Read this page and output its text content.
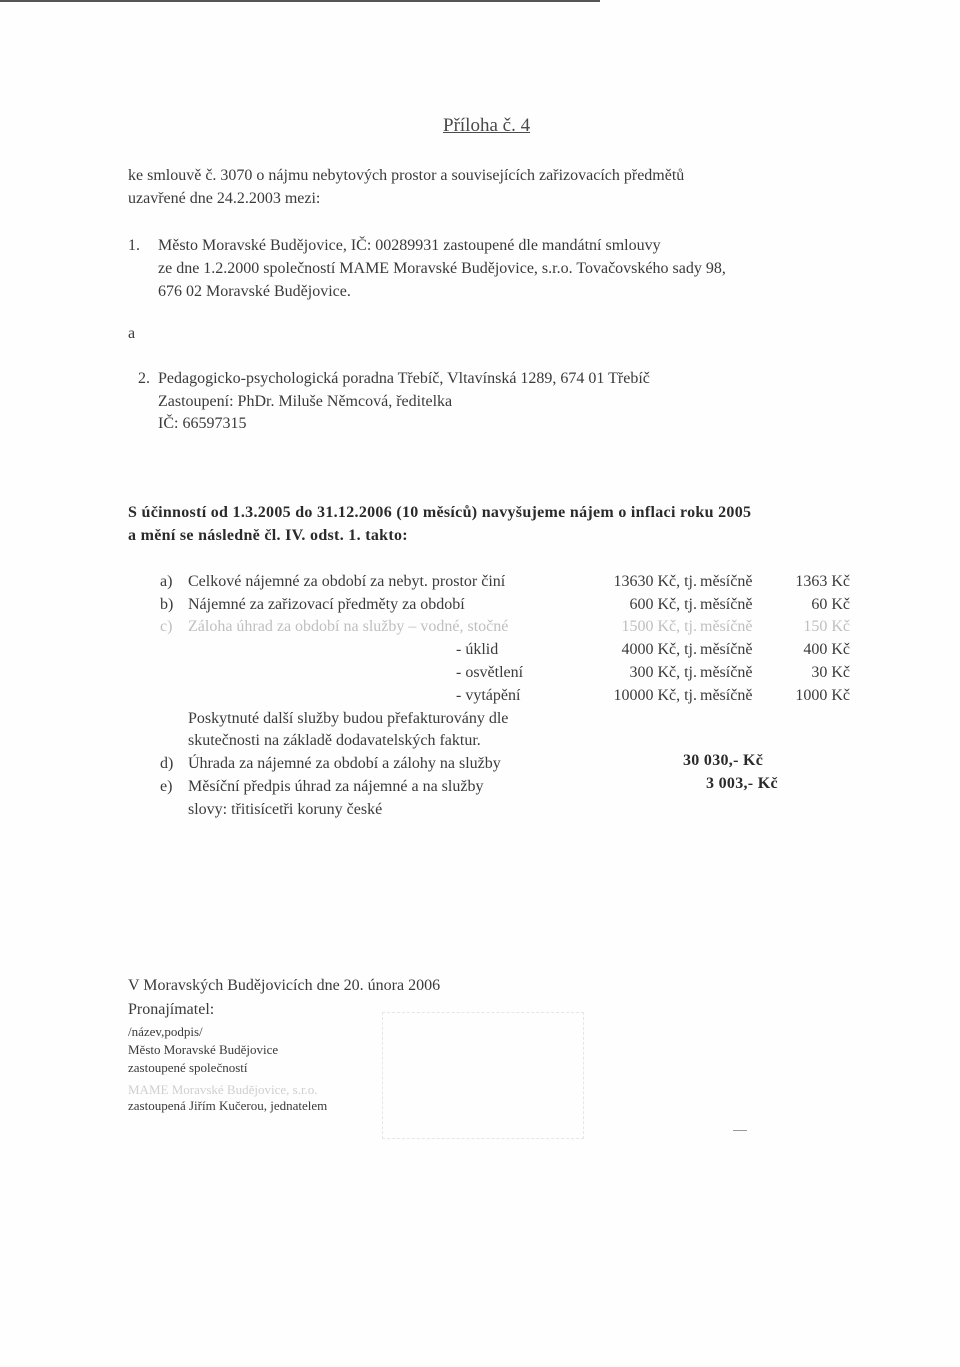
Příloha č. 4
ke smlouvě č. 3070 o nájmu nebytových prostor a souvisejících zařizovacích předmětů
uzavřené dne 24.2.2003 mezi:
1. Město Moravské Budějovice, IČ: 00289931 zastoupené dle mandátní smlouvy
ze dne 1.2.2000 společností MAME Moravské Budějovice, s.r.o. Tovačovského sady 98,
676 02 Moravské Budějovice.
a
2. Pedagogicko-psychologická poradna Třebíč, Vltavínská 1289, 674 01 Třebíč
Zastoupení: PhDr. Miluše Němcová, ředitelka
IČ: 66597315
S účinností od 1.3.2005 do 31.12.2006 (10 měsíců) navyšujeme nájem o inflaci roku 2005
a mění se následně čl. IV. odst. 1. takto:
a) Celkové nájemné za období za nebyt. prostor činí	13630 Kč, tj. měsíčně	1363 Kč
b) Nájemné za zařizovací předměty za období	600 Kč, tj. měsíčně	60 Kč
c) Záloha úhrad za období na služby – vodné, stočné	1500 Kč, tj. měsíčně	150 Kč
- úklid	4000 Kč, tj. měsíčně	400 Kč
- osvětlení	300 Kč, tj. měsíčně	30 Kč
- vytápění	10000 Kč, tj. měsíčně	1000 Kč
Poskytnuté další služby budou přefakturovány dle
skutečnosti na základě dodavatelských faktur.
d) Úhrada za nájemné za období a zálohy na služby	30 030,- Kč
e) Měsíční předpis úhrad za nájemné a na služby	3 003,- Kč
slovy: třitisícetři koruny české
V Moravských Budějovicích dne 20. února 2006
Pronajímatel:
/název,podpis/
Město Moravské Budějovice
zastoupené společností
MAME Moravské Budějovice, s.r.o.
zastoupená Jiřím Kučerou, jednatelem
